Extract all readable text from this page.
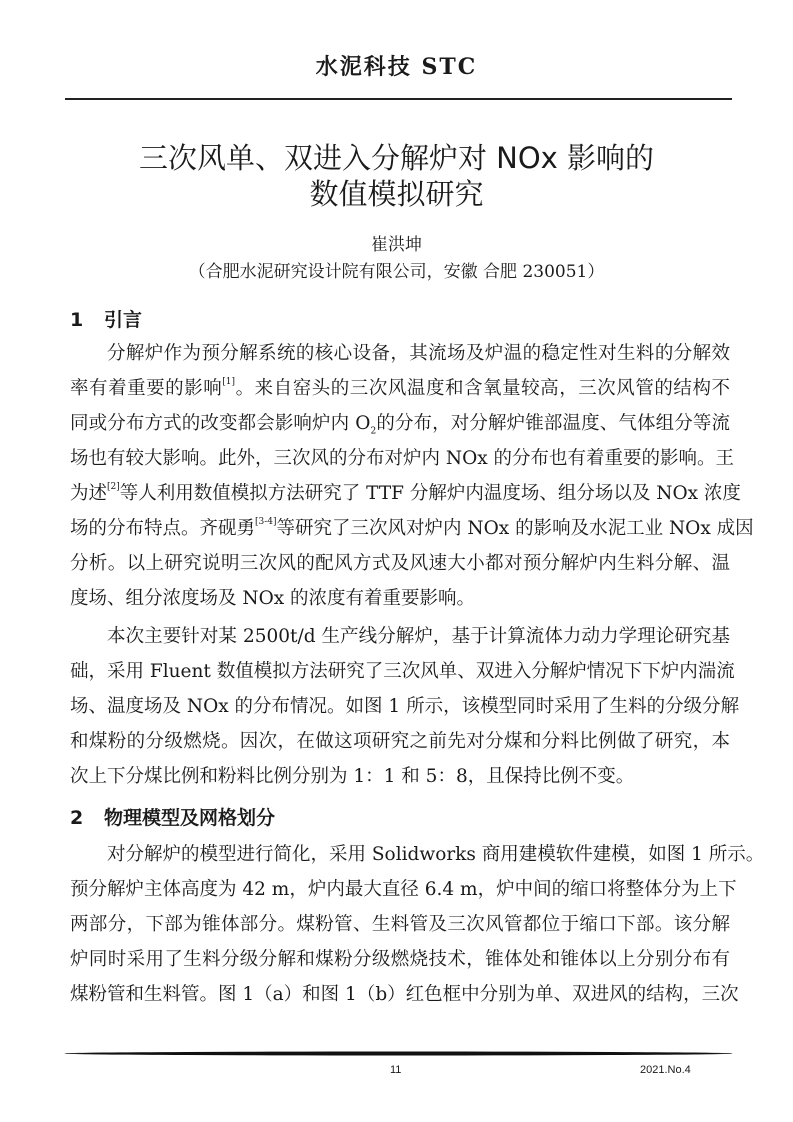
水泥科技 STC
三次风单、双进入分解炉对 NOx 影响的
数值模拟研究
崔洪坤
（合肥水泥研究设计院有限公司，安徽 合肥 230051）
1 引言
2 物理模型及网格划分
分解炉作为预分解系统的核心设备，其流场及炉温的稳定性对生料的分解效
率有着重要的影响[1]。来自窑头的三次风温度和含氧量较高，三次风管的结构不
同或分布方式的改变都会影响炉内 $O_2$的分布，对分解炉锥部温度、气体组分等流
场也有较大影响。此外，三次风的分布对炉内 NOx 的分布也有着重要的影响。王
为述[2]等人利用数值模拟方法研究了 TTF 分解炉内温度场、组分场以及 NOx 浓度
场的分布特点。齐砚勇[3-4]等研究了三次风对炉内 NOx 的影响及水泥工业 NOx 成因
分析。以上研究说明三次风的配风方式及风速大小都对预分解炉内生料分解、温
度场、组分浓度场及 NOx 的浓度有着重要影响。
本次主要针对某 2500t/d 生产线分解炉，基于计算流体力动力学理论研究基
础，采用 Fluent 数值模拟方法研究了三次风单、双进入分解炉情况下下炉内湍流
场、温度场及 NOx 的分布情况。如图 1 所示，该模型同时采用了生料的分级分解
和煤粉的分级燃烧。因次，在做这项研究之前先对分煤和分料比例做了研究，本
次上下分煤比例和粉料比例分别为 1：1 和 5：8，且保持比例不变。
对分解炉的模型进行简化，采用 Solidworks 商用建模软件建模，如图 1 所示。
预分解炉主体高度为 42 m，炉内最大直径 6.4 m，炉中间的缩口将整体分为上下
两部分，下部为锥体部分。煤粉管、生料管及三次风管都位于缩口下部。该分解
炉同时采用了生料分级分解和煤粉分级燃烧技术，锥体处和锥体以上分别分布有
煤粉管和生料管。图 1（a）和图 1（b）红色框中分别为单、双进风的结构，三次
11	2021.No.4
